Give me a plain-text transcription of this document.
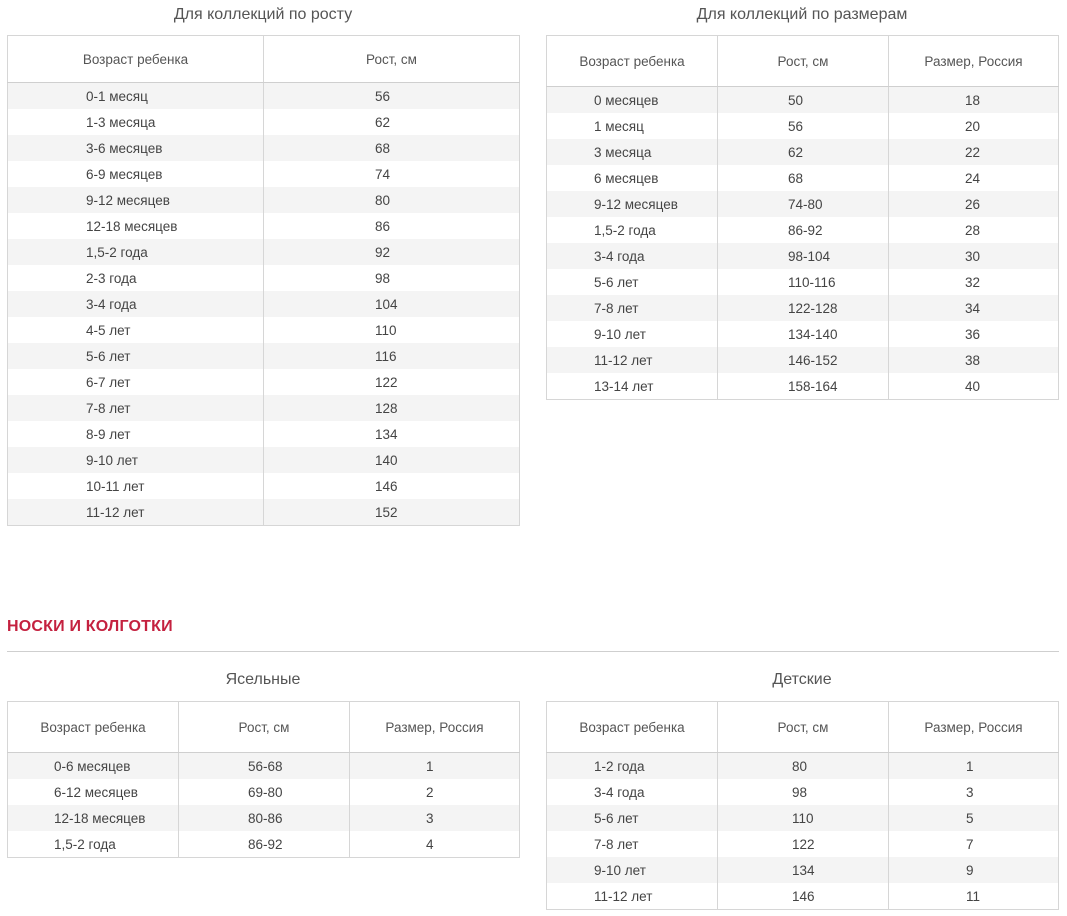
Для коллекций по росту
Возраст ребенка	Рост, см
0-1 месяц	56
1-3 месяца	62
3-6 месяцев	68
6-9 месяцев	74
9-12 месяцев	80
12-18 месяцев	86
1,5-2 года	92
2-3 года	98
3-4 года	104
4-5 лет	110
5-6 лет	116
6-7 лет	122
7-8 лет	128
8-9 лет	134
9-10 лет	140
10-11 лет	146
11-12 лет	152
Для коллекций по размерам
Возраст ребенка	Рост, см	Размер, Россия
0 месяцев	50	18
1 месяц	56	20
3 месяца	62	22
6 месяцев	68	24
9-12 месяцев	74-80	26
1,5-2 года	86-92	28
3-4 года	98-104	30
5-6 лет	110-116	32
7-8 лет	122-128	34
9-10 лет	134-140	36
11-12 лет	146-152	38
13-14 лет	158-164	40
НОСКИ И КОЛГОТКИ
Ясельные
Возраст ребенка	Рост, см	Размер, Россия
0-6 месяцев	56-68	1
6-12 месяцев	69-80	2
12-18 месяцев	80-86	3
1,5-2 года	86-92	4
Детские
Возраст ребенка	Рост, см	Размер, Россия
1-2 года	80	1
3-4 года	98	3
5-6 лет	110	5
7-8 лет	122	7
9-10 лет	134	9
11-12 лет	146	11
